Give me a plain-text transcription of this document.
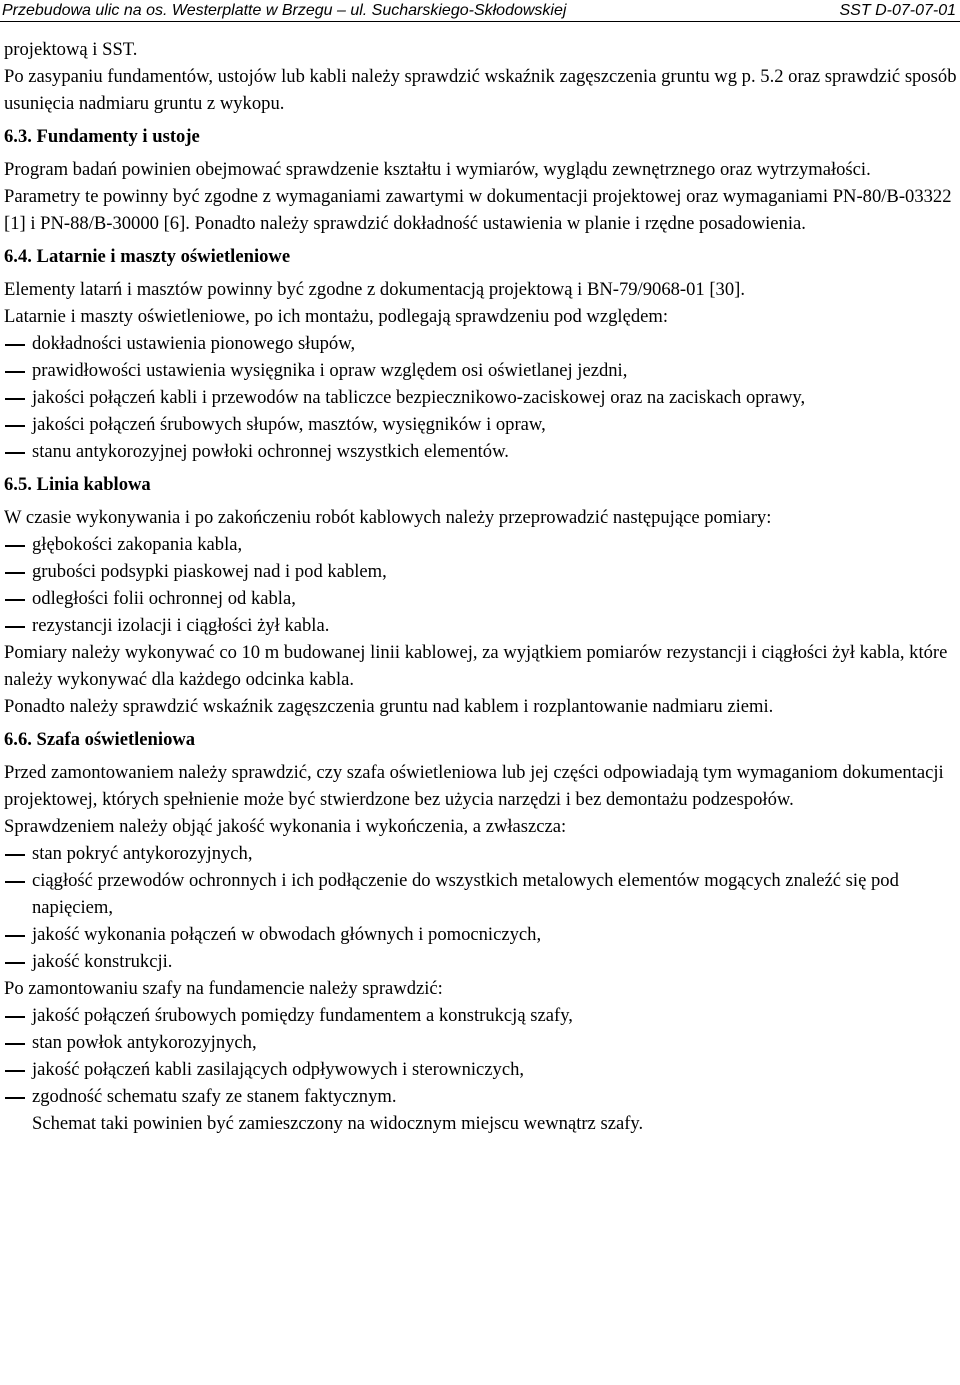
Przebudowa ulic na os. Westerplatte w Brzegu – ul. Sucharskiego-Skłodowskiej	SST D-07-07-01

projektową i SST.

Po zasypaniu fundamentów, ustojów lub kabli należy sprawdzić wskaźnik zagęszczenia gruntu wg p. 5.2 oraz sprawdzić sposób usunięcia nadmiaru gruntu z wykopu.

6.3. Fundamenty i ustoje

Program badań powinien obejmować sprawdzenie kształtu i wymiarów, wyglądu zewnętrznego oraz wytrzymałości.

Parametry te powinny być zgodne z wymaganiami zawartymi w dokumentacji projektowej oraz wymaganiami PN-80/B-03322 [1] i PN-88/B-30000 [6]. Ponadto należy sprawdzić dokładność ustawienia w planie i rzędne posadowienia.

6.4. Latarnie i maszty oświetleniowe

Elementy latarń i masztów powinny być zgodne z dokumentacją projektową i BN-79/9068-01 [30].

Latarnie i maszty oświetleniowe, po ich montażu, podlegają sprawdzeniu pod względem:

dokładności ustawienia pionowego słupów,
prawidłowości ustawienia wysięgnika i opraw względem osi oświetlanej jezdni,
jakości połączeń kabli i przewodów na tabliczce bezpiecznikowo-zaciskowej oraz na zaciskach oprawy,
jakości połączeń śrubowych słupów, masztów, wysięgników i opraw,
stanu antykorozyjnej powłoki ochronnej wszystkich elementów.

6.5. Linia kablowa

W czasie wykonywania i po zakończeniu robót kablowych należy przeprowadzić następujące pomiary:

głębokości zakopania kabla,
grubości podsypki piaskowej nad i pod kablem,
odległości folii ochronnej od kabla,
rezystancji izolacji i ciągłości żył kabla.

Pomiary należy wykonywać co 10 m budowanej linii kablowej, za wyjątkiem pomiarów rezystancji i ciągłości żył kabla, które należy wykonywać dla każdego odcinka kabla.

Ponadto należy sprawdzić wskaźnik zagęszczenia gruntu nad kablem i rozplantowanie nadmiaru ziemi.

6.6. Szafa oświetleniowa

Przed zamontowaniem należy sprawdzić, czy szafa oświetleniowa lub jej części odpowiadają tym wymaganiom dokumentacji projektowej, których spełnienie może być stwierdzone bez użycia narzędzi i bez demontażu podzespołów.

Sprawdzeniem należy objąć jakość wykonania i wykończenia, a zwłaszcza:

stan pokryć antykorozyjnych,
ciągłość przewodów ochronnych i ich podłączenie do wszystkich metalowych elementów mogących znaleźć się pod napięciem,
jakość wykonania połączeń w obwodach głównych i pomocniczych,
jakość konstrukcji.

Po zamontowaniu szafy na fundamencie należy sprawdzić:

jakość połączeń śrubowych pomiędzy fundamentem a konstrukcją szafy,
stan powłok antykorozyjnych,
jakość połączeń kabli zasilających odpływowych i sterowniczych,
zgodność schematu szafy ze stanem faktycznym.

Schemat taki powinien być zamieszczony na widocznym miejscu wewnątrz szafy.
